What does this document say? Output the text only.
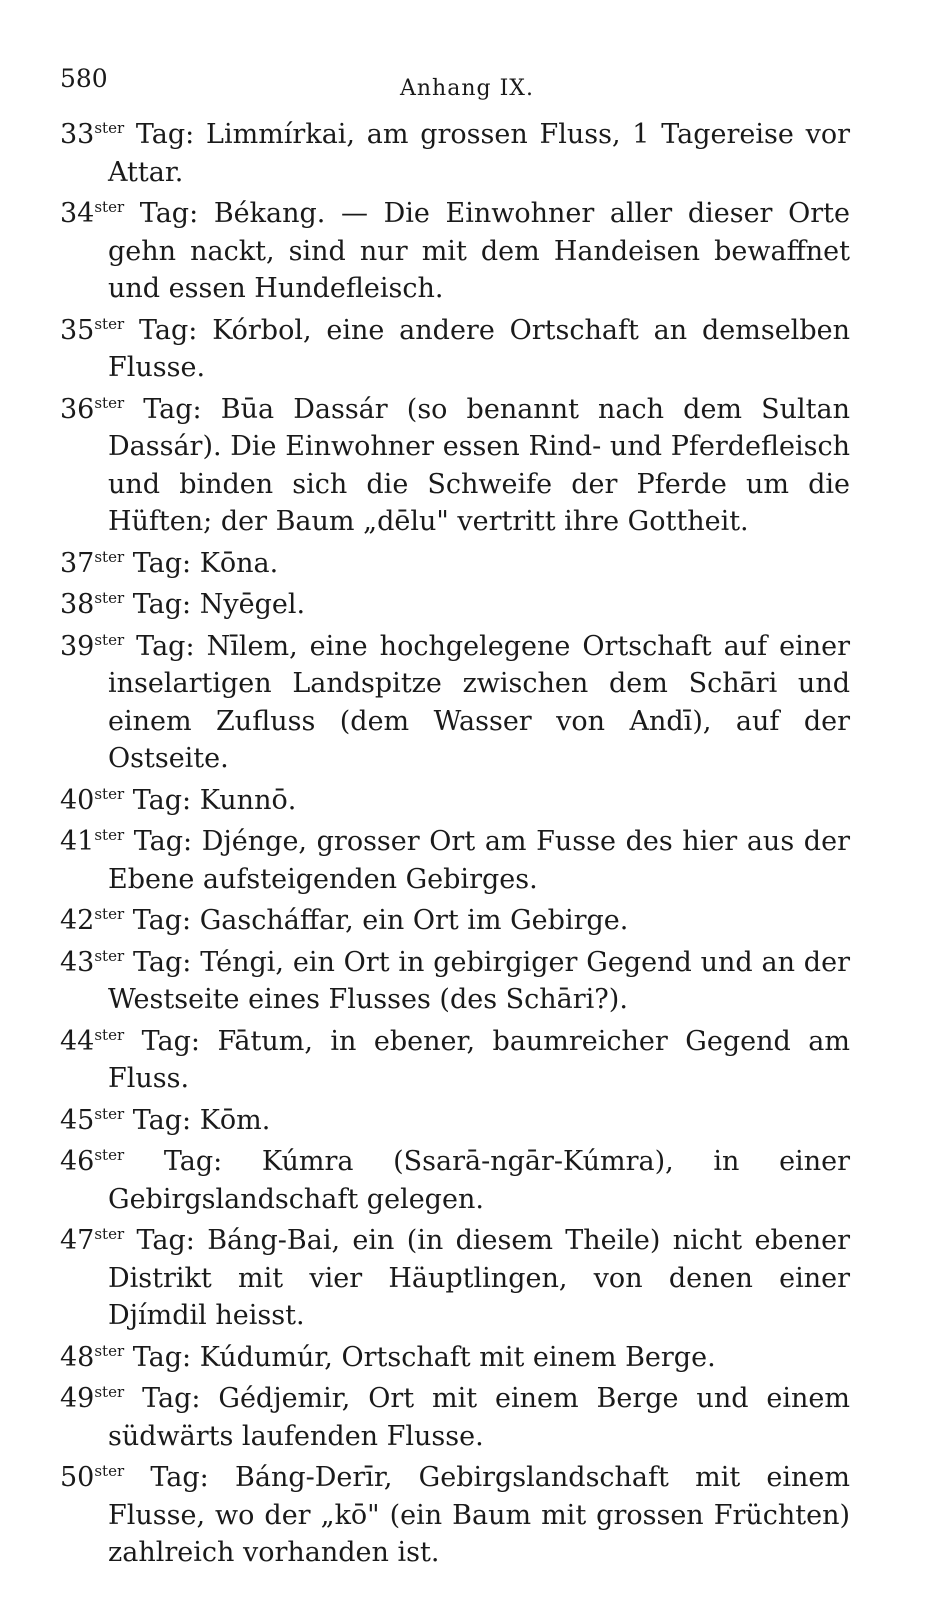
580	Anhang IX.

$33^{ster}$ Tag: Limmírkai, am grossen Fluss, 1 Tagereise vor Attar.

$34^{ster}$ Tag: Békang. — Die Einwohner aller dieser Orte gehn nackt, sind nur mit dem Handeisen bewaffnet und essen Hundefleisch.

$35^{ster}$ Tag: Kórbol, eine andere Ortschaft an demselben Flusse.

$36^{ster}$ Tag: Būa Dassár (so benannt nach dem Sultan Dassár). Die Einwohner essen Rind- und Pferdefleisch und binden sich die Schweife der Pferde um die Hüften; der Baum „dēlu" vertritt ihre Gottheit.

$37^{ster}$ Tag: Kōna.

$38^{ster}$ Tag: Nyēgel.

$39^{ster}$ Tag: Nīlem, eine hochgelegene Ortschaft auf einer inselartigen Landspitze zwischen dem Schāri und einem Zufluss (dem Wasser von Andī), auf der Ostseite.

$40^{ster}$ Tag: Kunnō.

$41^{ster}$ Tag: Djénge, grosser Ort am Fusse des hier aus der Ebene aufsteigenden Gebirges.

$42^{ster}$ Tag: Gascháffar, ein Ort im Gebirge.

$43^{ster}$ Tag: Téngi, ein Ort in gebirgiger Gegend und an der Westseite eines Flusses (des Schāri?).

$44^{ster}$ Tag: Fātum, in ebener, baumreicher Gegend am Fluss.

$45^{ster}$ Tag: Kōm.

$46^{ster}$ Tag: Kúmra (Ssarā-ngār-Kúmra), in einer Gebirgslandschaft gelegen.

$47^{ster}$ Tag: Báng-Bai, ein (in diesem Theile) nicht ebener Distrikt mit vier Häuptlingen, von denen einer Djímdil heisst.

$48^{ster}$ Tag: Kúdumúr, Ortschaft mit einem Berge.

$49^{ster}$ Tag: Gédjemir, Ort mit einem Berge und einem südwärts laufenden Flusse.

$50^{ster}$ Tag: Báng-Derīr, Gebirgslandschaft mit einem Flusse, wo der „kō" (ein Baum mit grossen Früchten) zahlreich vorhanden ist.
